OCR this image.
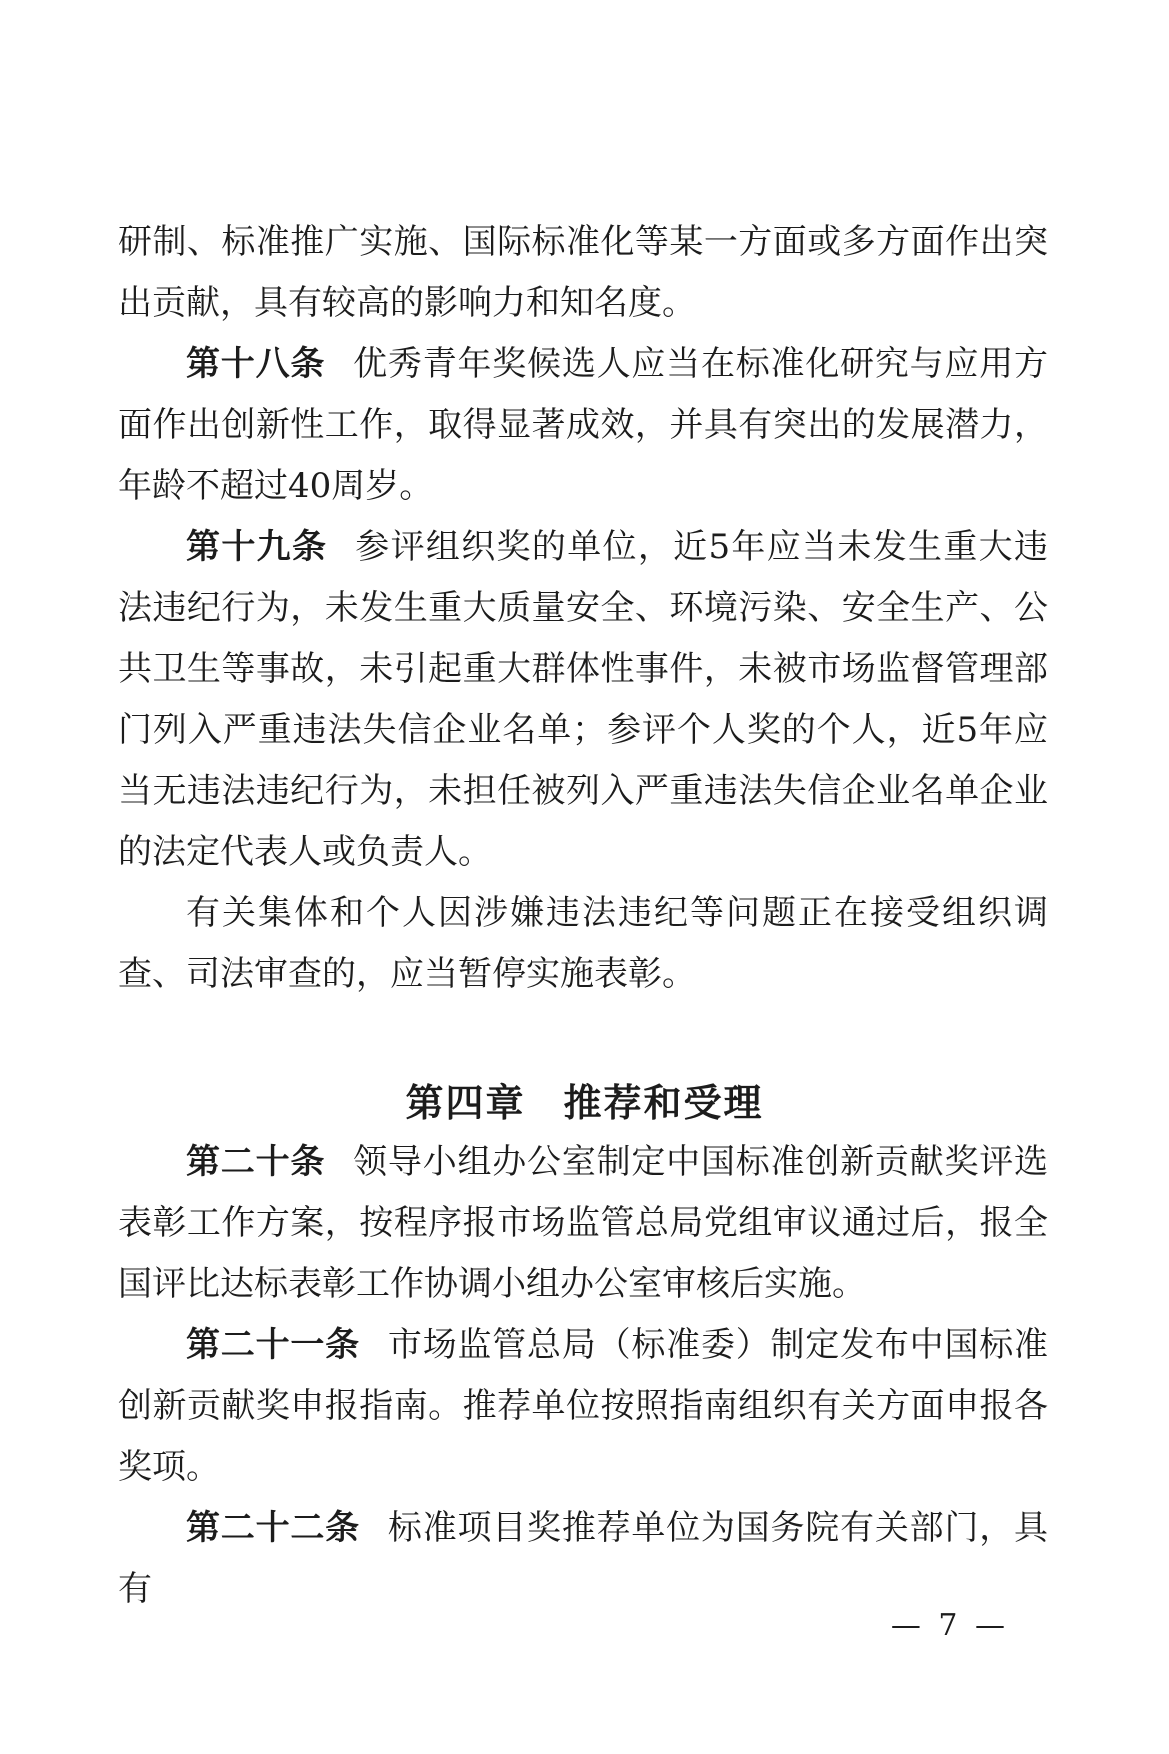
研制、标准推广实施、国际标准化等某一方面或多方面作出突出贡献，具有较高的影响力和知名度。

第十八条 优秀青年奖候选人应当在标准化研究与应用方面作出创新性工作，取得显著成效，并具有突出的发展潜力，年龄不超过40周岁。

第十九条 参评组织奖的单位，近5年应当未发生重大违法违纪行为，未发生重大质量安全、环境污染、安全生产、公共卫生等事故，未引起重大群体性事件，未被市场监督管理部门列入严重违法失信企业名单；参评个人奖的个人，近5年应当无违法违纪行为，未担任被列入严重违法失信企业名单企业的法定代表人或负责人。

有关集体和个人因涉嫌违法违纪等问题正在接受组织调查、司法审查的，应当暂停实施表彰。

第四章 推荐和受理

第二十条 领导小组办公室制定中国标准创新贡献奖评选表彰工作方案，按程序报市场监管总局党组审议通过后，报全国评比达标表彰工作协调小组办公室审核后实施。

第二十一条 市场监管总局（标准委）制定发布中国标准创新贡献奖申报指南。推荐单位按照指南组织有关方面申报各奖项。

第二十二条 标准项目奖推荐单位为国务院有关部门，具有

— 7 —
